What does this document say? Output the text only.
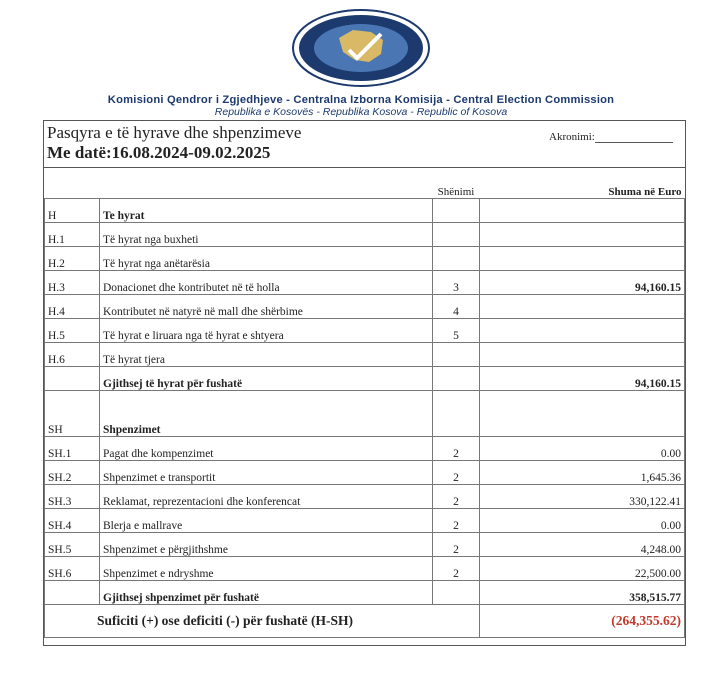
Komisioni Qendror i Zgjedhjeve - Centralna Izborna Komisija - Central Election Commission
Republika e Kosovës - Republika Kosova - Republic of Kosova
Pasqyra e të hyrave dhe shpenzimeve
Me datë:16.08.2024-09.02.2025
Akronimi:
		Shënimi	Shuma në Euro
H	Te hyrat		
H.1	Të hyrat nga buxheti		
H.2	Të hyrat nga anëtarësia		
H.3	Donacionet dhe kontributet në të holla	3	94,160.15
H.4	Kontributet në natyrë në mall dhe shërbime	4	
H.5	Të hyrat e liruara nga të hyrat e shtyera	5	
H.6	Të hyrat tjera		
	Gjithsej të hyrat për fushatë		94,160.15
SH	Shpenzimet		
SH.1	Pagat dhe kompenzimet	2	0.00
SH.2	Shpenzimet e transportit	2	1,645.36
SH.3	Reklamat, reprezentacioni dhe konferencat	2	330,122.41
SH.4	Blerja e mallrave	2	0.00
SH.5	Shpenzimet e përgjithshme	2	4,248.00
SH.6	Shpenzimet e ndryshme	2	22,500.00
	Gjithsej shpenzimet për fushatë		358,515.77
Suficiti (+) ose deficiti (-) për fushatë (H-SH)			(264,355.62)
